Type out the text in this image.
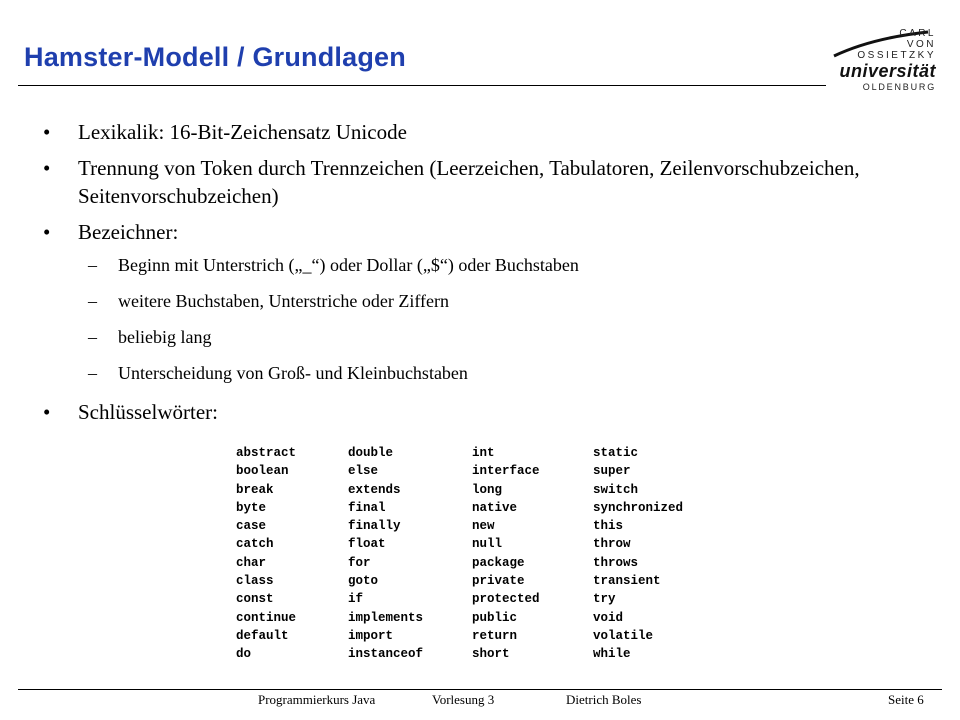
Hamster-Modell / Grundlagen
CARL
VON
OSSIETZKY
universität
OLDENBURG
• Lexikalik: 16-Bit-Zeichensatz Unicode
• Trennung von Token durch Trennzeichen (Leerzeichen, Tabulatoren, Zeilenvorschubzeichen, Seitenvorschubzeichen)
• Bezeichner:
– Beginn mit Unterstrich („_“) oder Dollar („$“) oder Buchstaben
– weitere Buchstaben, Unterstriche oder Ziffern
– beliebig lang
– Unterscheidung von Groß- und Kleinbuchstaben
• Schlüsselwörter:
abstract	double	int	static
boolean	else	interface	super
break	extends	long	switch
byte	final	native	synchronized
case	finally	new	this
catch	float	null	throw
char	for	package	throws
class	goto	private	transient
const	if	protected	try
continue	implements	public	void
default	import	return	volatile
do	instanceof	short	while
Programmierkurs Java	Vorlesung 3	Dietrich Boles	Seite 6
